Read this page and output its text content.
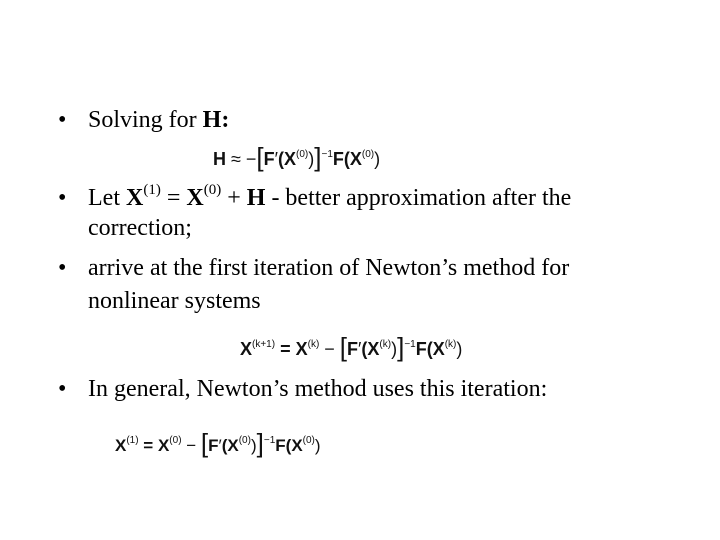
• Solving for H:
$H \approx -[F'(X^{(0)})]^{-1}F(X^{(0)})$
• Let $X^{(1)} = X^{(0)} + H$ - better approximation after the
correction;
• arrive at the first iteration of Newton’s method for
nonlinear systems
$X^{(k+1)} = X^{(k)} - [F'(X^{(k)})]^{-1}F(X^{(k)})$
• In general, Newton’s method uses this iteration:
$X^{(1)} = X^{(0)} - [F'(X^{(0)})]^{-1}F(X^{(0)})$
